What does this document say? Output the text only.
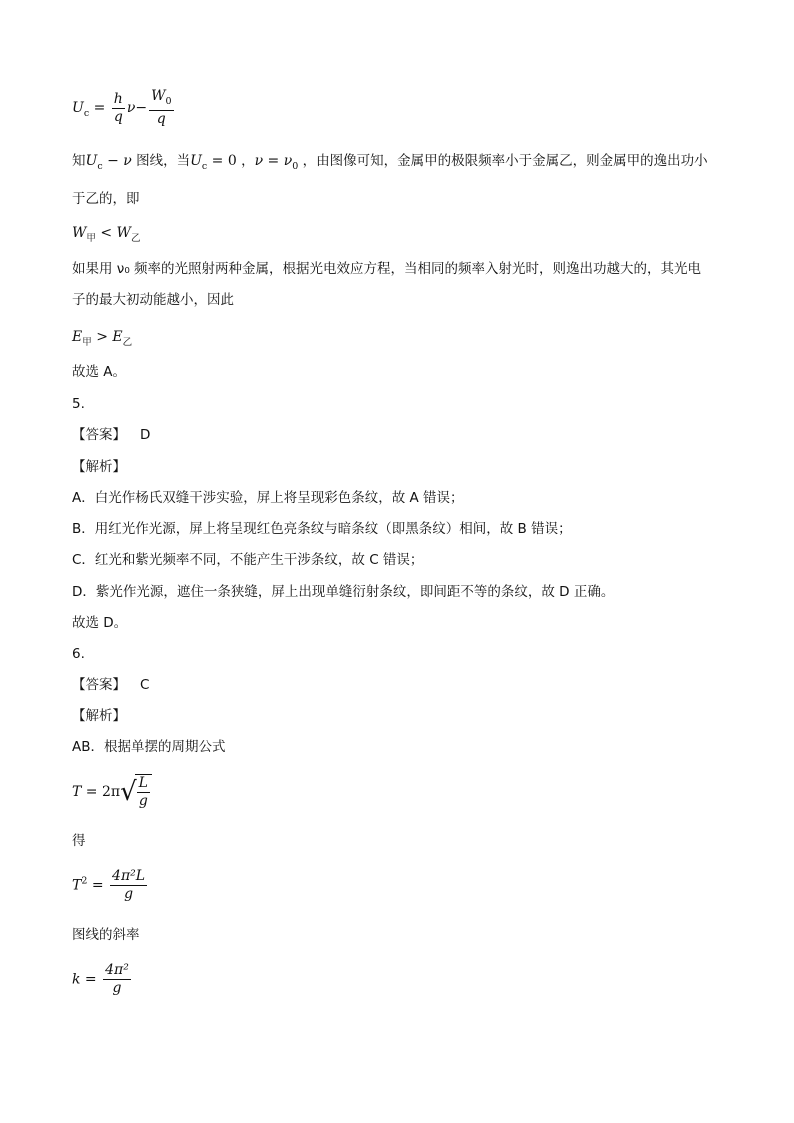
$U_c = \frac{h}{q} \nu- \frac{W_0}{q}$
知$U_c - \nu$ 图线，当$U_c = 0$ ，$\nu = \nu_0$ ，由图像可知，金属甲的极限频率小于金属乙，则金属甲的逸出功小
于乙的，即
$W_甲 < W_乙$
如果用 ν₀ 频率的光照射两种金属，根据光电效应方程，当相同的频率入射光时，则逸出功越大的，其光电
子的最大初动能越小，因此
$E_甲 > E_乙$
故选 A。
5.
【答案】 D
【解析】
A．白光作杨氏双缝干涉实验，屏上将呈现彩色条纹，故 A 错误；
B．用红光作光源，屏上将呈现红色亮条纹与暗条纹（即黑条纹）相间，故 B 错误；
C．红光和紫光频率不同，不能产生干涉条纹，故 C 错误；
D．紫光作光源，遮住一条狭缝，屏上出现单缝衍射条纹，即间距不等的条纹，故 D 正确。
故选 D。
6.
【答案】 C
【解析】
AB．根据单摆的周期公式
$T = 2\pi√ \frac{L}{g}$
得
$T^2 = \frac{\text{4π²L}}{g}$
图线的斜率
$k = \frac{\text{4π²}}{g}$
